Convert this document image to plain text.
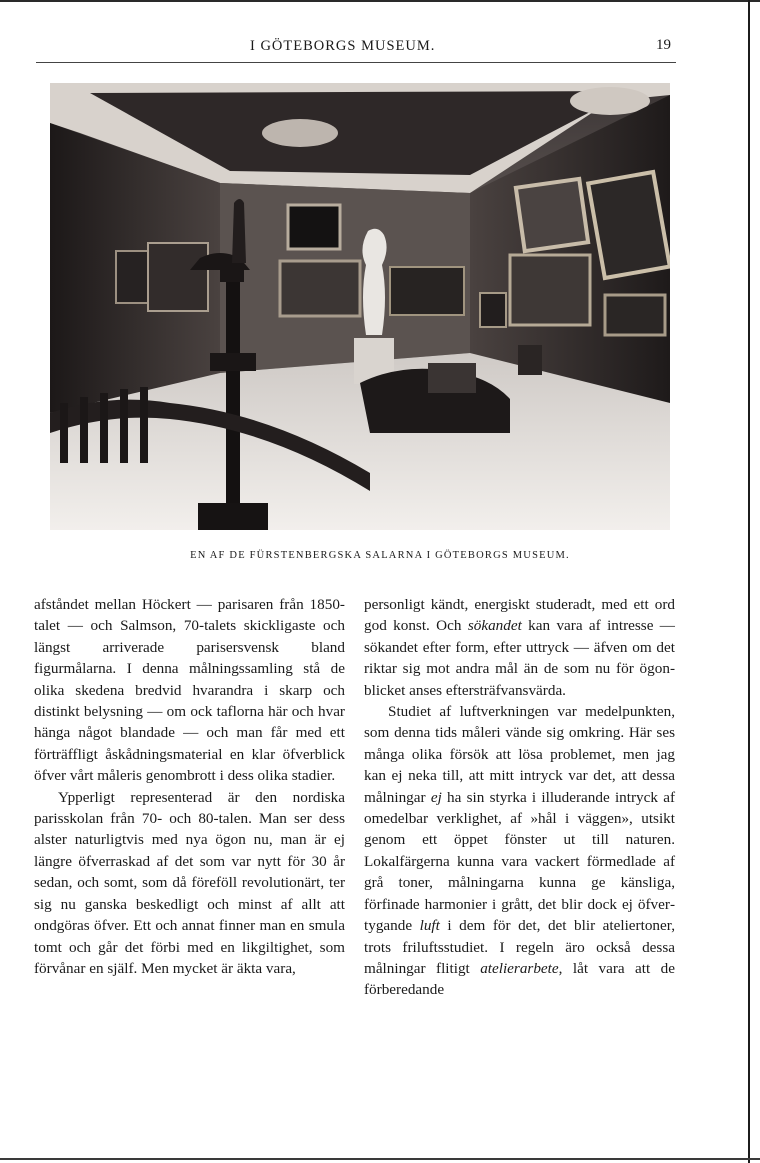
I GÖTEBORGS MUSEUM.	19
EN AF DE FÜRSTENBERGSKA SALARNA I GÖTEBORGS MUSEUM.

afståndet mellan Höckert — parisaren från 1850-talet — och Salmson, 70-talets skickligaste och längst arriverade parisersvensk bland figurmålarna. I denna målningssamling stå de olika skedena bredvid hvarandra i skarp och distinkt belysning — om ock taflorna här och hvar hänga något blandade — och man får med ett förträffligt åskådningsmaterial en klar öfverblick öfver vårt måleris genombrott i dess olika stadier.

Ypperligt representerad är den nordiska parisskolan från 70- och 80-talen. Man ser dess alster naturligtvis med nya ögon nu, man är ej längre öfverraskad af det som var nytt för 30 år sedan, och somt, som då föreföll revolutionärt, ter sig nu ganska beskedligt och minst af allt att ondgöras öfver. Ett och annat finner man en smula tomt och går det förbi med en likgiltighet, som förvånar en själf. Men mycket är äkta vara,

personligt kändt, energiskt studeradt, med ett ord god konst. Och sökandet kan vara af intresse — sökandet efter form, efter uttryck — äfven om det riktar sig mot andra mål än de som nu för ögonblicket anses eftersträfvansvärda.

Studiet af luftverkningen var medelpunkten, som denna tids måleri vände sig omkring. Här ses många olika försök att lösa problemet, men jag kan ej neka till, att mitt intryck var det, att dessa målningar ej ha sin styrka i illuderande intryck af omedelbar verklighet, af »hål i väggen», utsikt genom ett öppet fönster ut till naturen. Lokalfärgerna kunna vara vackert förmedlade af grå toner, målningarna kunna ge känsliga, förfinade harmonier i grått, det blir dock ej öfvertygande luft i dem för det, det blir ateliertoner, trots friluftsstudiet. I regeln äro också dessa målningar flitigt atelierarbete, låt vara att de förberedande
